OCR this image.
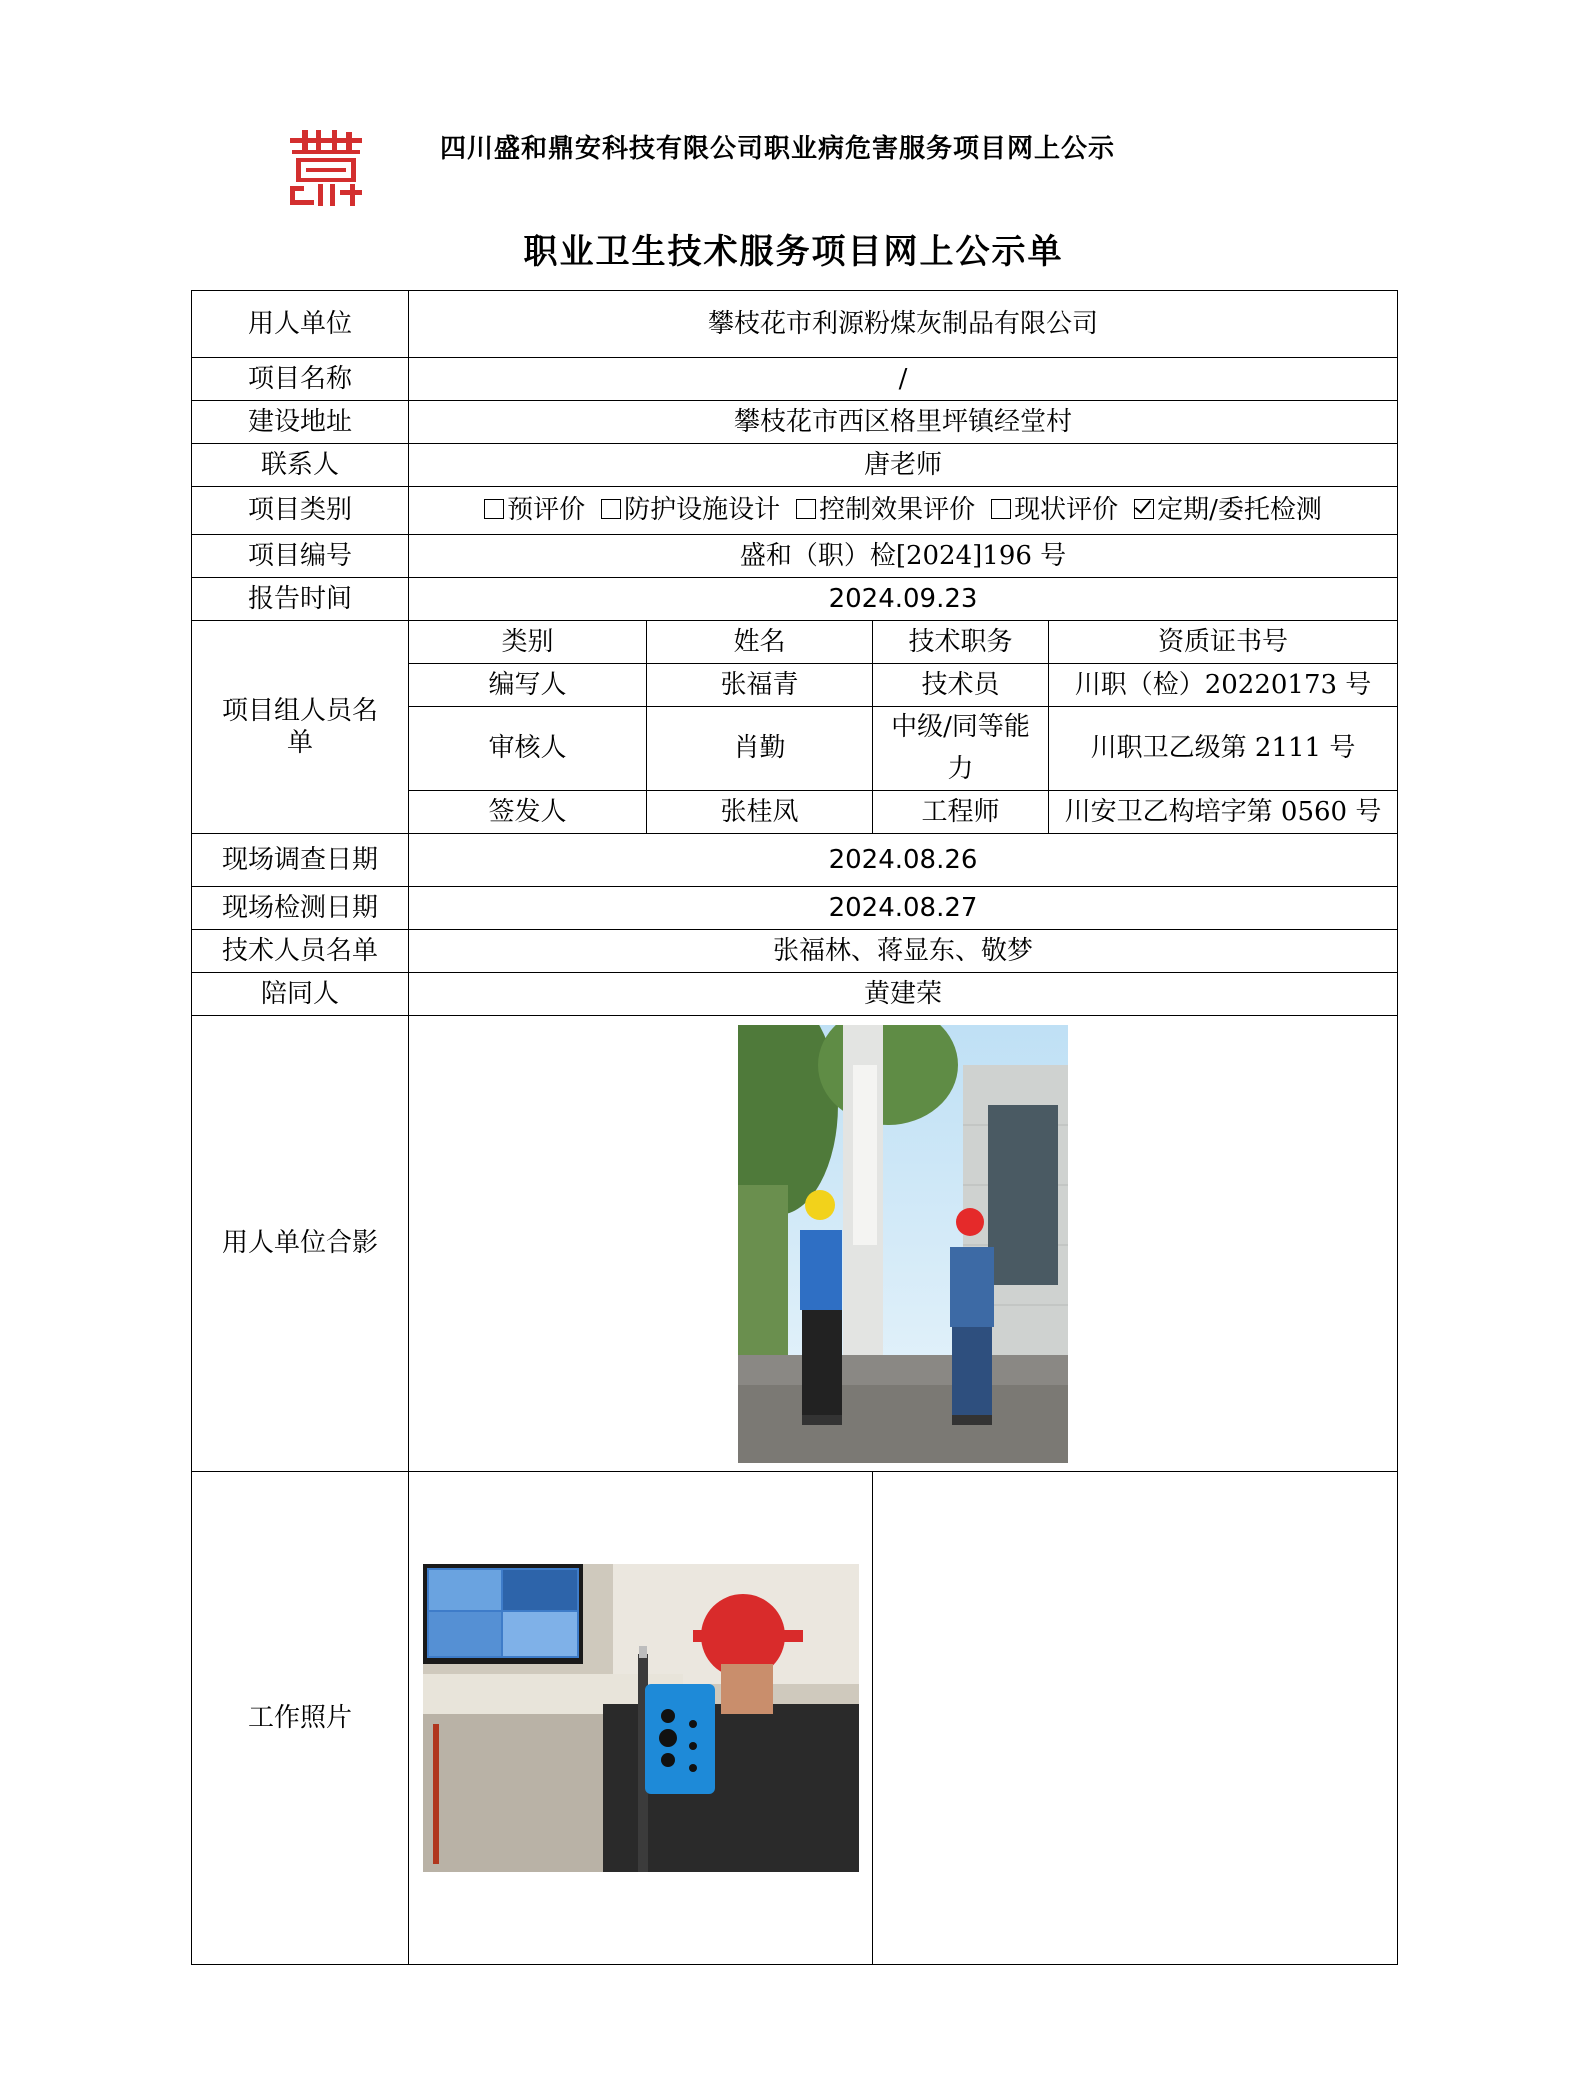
四川盛和鼎安科技有限公司职业病危害服务项目网上公示
职业卫生技术服务项目网上公示单
用人单位	攀枝花市利源粉煤灰制品有限公司			
项目名称	/			
建设地址	攀枝花市西区格里坪镇经堂村			
联系人	唐老师			
项目类别	预评价 防护设施设计 控制效果评价 现状评价 定期/委托检测			
项目编号	盛和（职）检[2024]196 号			
报告时间	2024.09.23			
项目组人员名单	类别	姓名	技术职务	资质证书号
	编写人	张福青	技术员	川职（检）20220173 号
	审核人	肖勤	中级/同等能力	川职卫乙级第 2111 号
	签发人	张桂凤	工程师	川安卫乙构培字第 0560 号
现场调查日期	2024.08.26			
现场检测日期	2024.08.27			
技术人员名单	张福林、蒋显东、敬梦			
陪同人	黄建荣			
用人单位合影	

工作照片	
